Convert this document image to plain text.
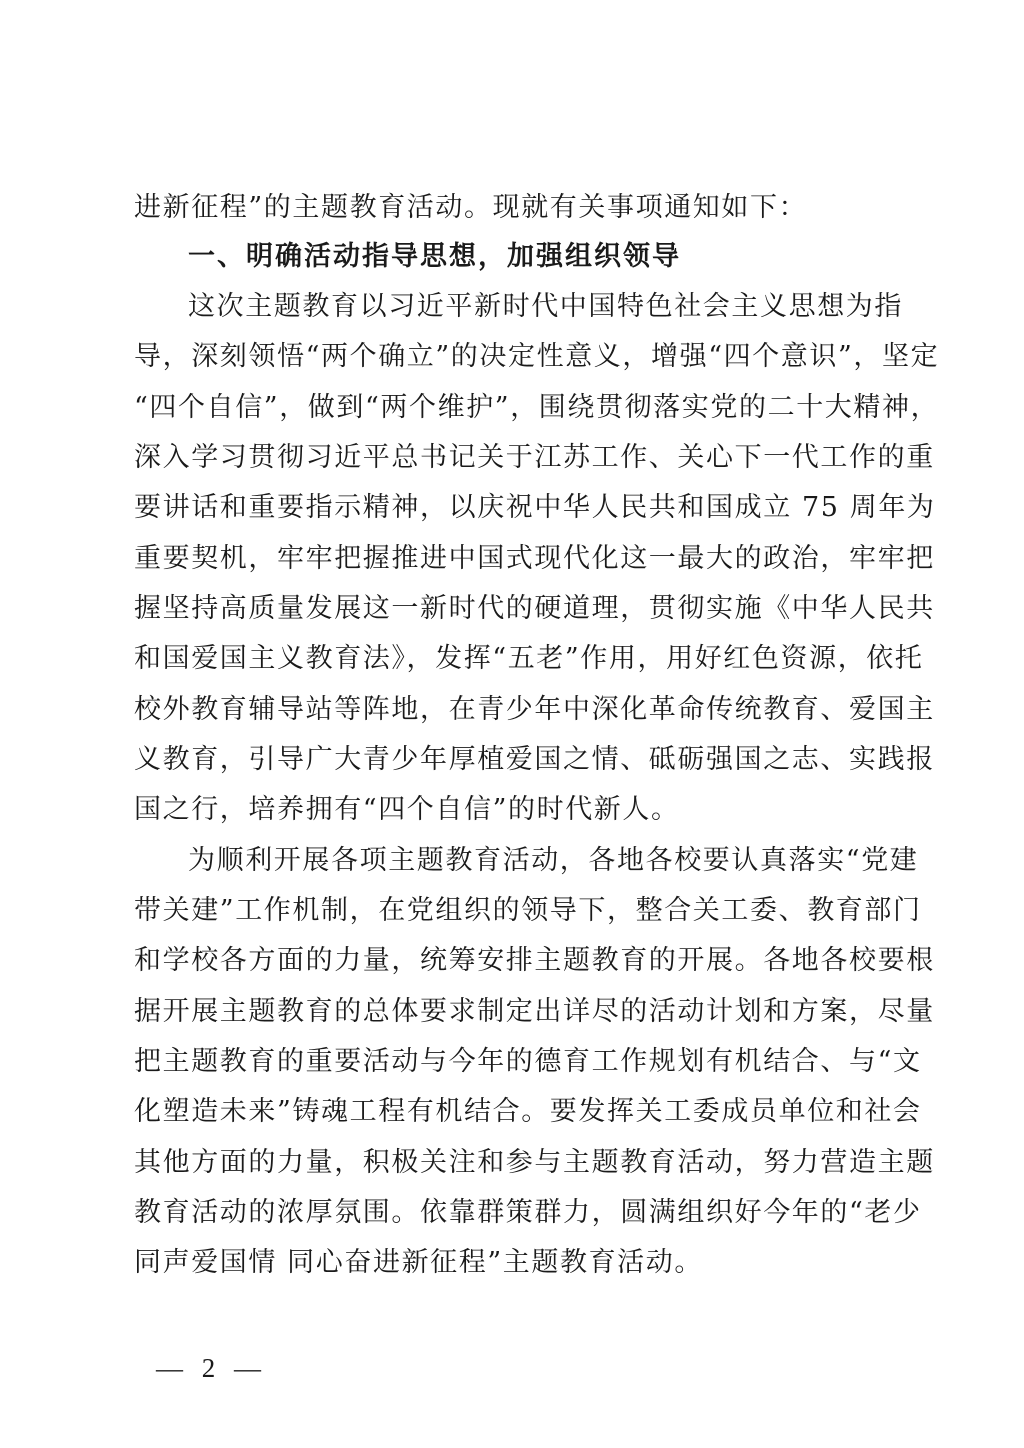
进新征程”的主题教育活动。现就有关事项通知如下：
一、明确活动指导思想，加强组织领导
这次主题教育以习近平新时代中国特色社会主义思想为指
导，深刻领悟“两个确立”的决定性意义，增强“四个意识”，坚定
“四个自信”，做到“两个维护”，围绕贯彻落实党的二十大精神，
深入学习贯彻习近平总书记关于江苏工作、关心下一代工作的重
要讲话和重要指示精神，以庆祝中华人民共和国成立 75 周年为
重要契机，牢牢把握推进中国式现代化这一最大的政治，牢牢把
握坚持高质量发展这一新时代的硬道理，贯彻实施《中华人民共
和国爱国主义教育法》，发挥“五老”作用，用好红色资源，依托
校外教育辅导站等阵地，在青少年中深化革命传统教育、爱国主
义教育，引导广大青少年厚植爱国之情、砥砺强国之志、实践报
国之行，培养拥有“四个自信”的时代新人。
为顺利开展各项主题教育活动，各地各校要认真落实“党建
带关建”工作机制，在党组织的领导下，整合关工委、教育部门
和学校各方面的力量，统筹安排主题教育的开展。各地各校要根
据开展主题教育的总体要求制定出详尽的活动计划和方案，尽量
把主题教育的重要活动与今年的德育工作规划有机结合、与“文
化塑造未来”铸魂工程有机结合。要发挥关工委成员单位和社会
其他方面的力量，积极关注和参与主题教育活动，努力营造主题
教育活动的浓厚氛围。依靠群策群力，圆满组织好今年的“老少
同声爱国情 同心奋进新征程”主题教育活动。
— 2 —
